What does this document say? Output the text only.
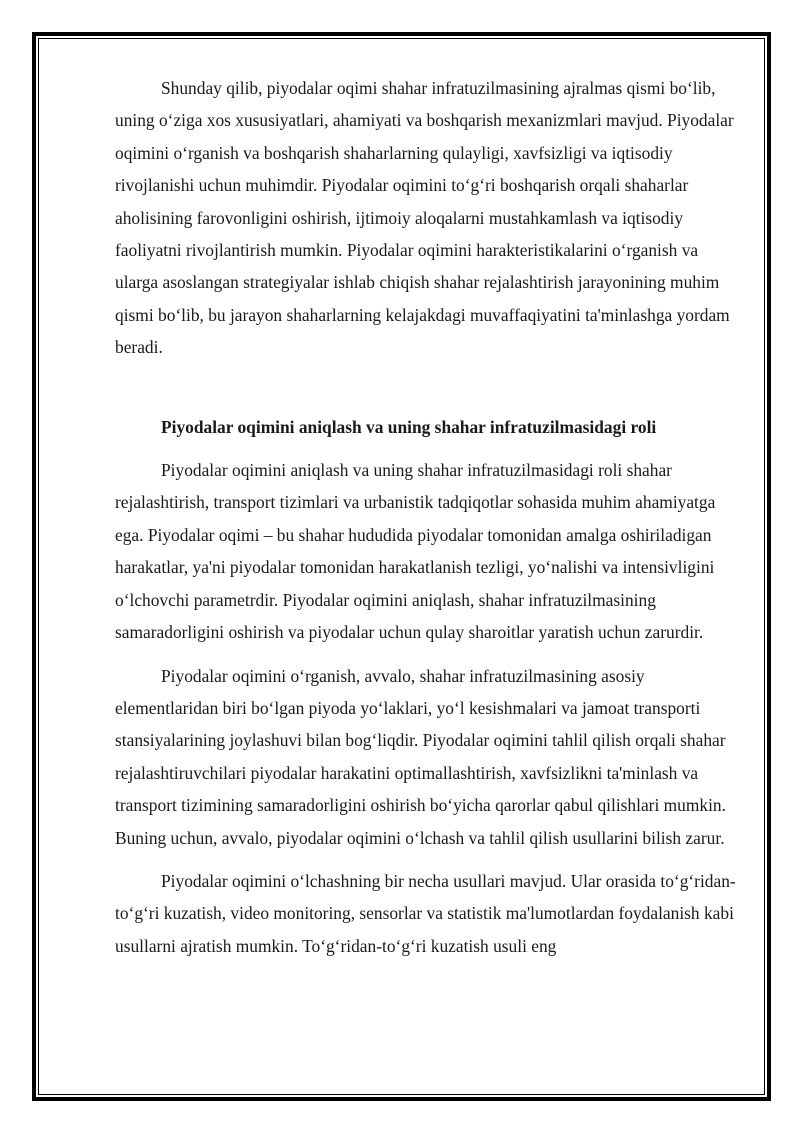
Shunday qilib, piyodalar oqimi shahar infratuzilmasining ajralmas qismi bo‘lib, uning o‘ziga xos xususiyatlari, ahamiyati va boshqarish mexanizmlari mavjud. Piyodalar oqimini o‘rganish va boshqarish shaharlarning qulayligi, xavfsizligi va iqtisodiy rivojlanishi uchun muhimdir. Piyodalar oqimini to‘g‘ri boshqarish orqali shaharlar aholisining farovonligini oshirish, ijtimoiy aloqalarni mustahkamlash va iqtisodiy faoliyatni rivojlantirish mumkin. Piyodalar oqimini harakteristikalarini o‘rganish va ularga asoslangan strategiyalar ishlab chiqish shahar rejalashtirish jarayonining muhim qismi bo‘lib, bu jarayon shaharlarning kelajakdagi muvaffaqiyatini ta'minlashga yordam beradi.

Piyodalar oqimini aniqlash va uning shahar infratuzilmasidagi roli

Piyodalar oqimini aniqlash va uning shahar infratuzilmasidagi roli shahar rejalashtirish, transport tizimlari va urbanistik tadqiqotlar sohasida muhim ahamiyatga ega. Piyodalar oqimi – bu shahar hududida piyodalar tomonidan amalga oshiriladigan harakatlar, ya'ni piyodalar tomonidan harakatlanish tezligi, yo‘nalishi va intensivligini o‘lchovchi parametrdir. Piyodalar oqimini aniqlash, shahar infratuzilmasining samaradorligini oshirish va piyodalar uchun qulay sharoitlar yaratish uchun zarurdir.

Piyodalar oqimini o‘rganish, avvalo, shahar infratuzilmasining asosiy elementlaridan biri bo‘lgan piyoda yo‘laklari, yo‘l kesishmalari va jamoat transporti stansiyalarining joylashuvi bilan bog‘liqdir. Piyodalar oqimini tahlil qilish orqali shahar rejalashtiruvchilari piyodalar harakatini optimallashtirish, xavfsizlikni ta'minlash va transport tizimining samaradorligini oshirish bo‘yicha qarorlar qabul qilishlari mumkin. Buning uchun, avvalo, piyodalar oqimini o‘lchash va tahlil qilish usullarini bilish zarur.

Piyodalar oqimini o‘lchashning bir necha usullari mavjud. Ular orasida to‘g‘ridan-to‘g‘ri kuzatish, video monitoring, sensorlar va statistik ma'lumotlardan foydalanish kabi usullarni ajratish mumkin. To‘g‘ridan-to‘g‘ri kuzatish usuli eng
